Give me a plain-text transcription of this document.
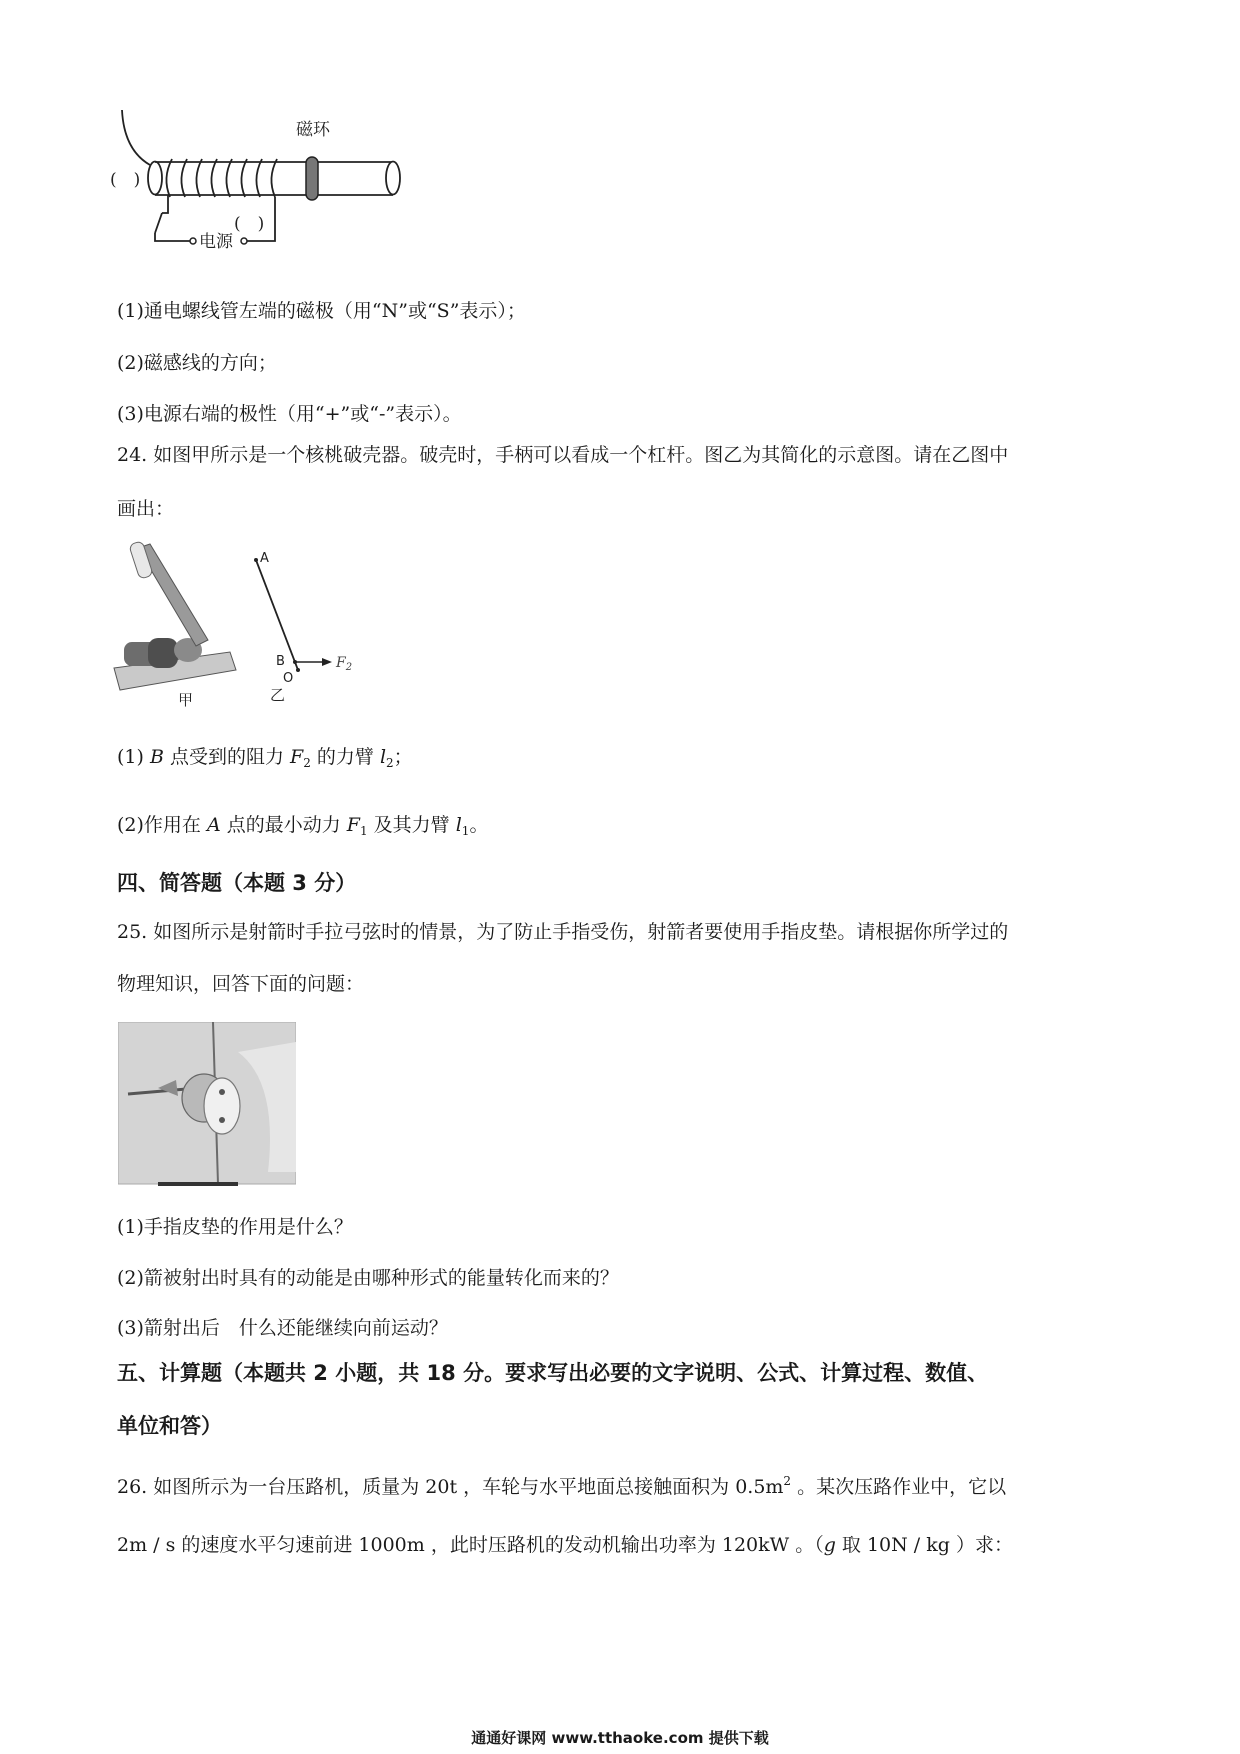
磁环
(　)
电源
(　)
(1)通电螺线管左端的磁极（用“N”或“S”表示）；
(2)磁感线的方向；
(3)电源右端的极性（用“+”或“-”表示）。
24. 如图甲所示是一个核桃破壳器。破壳时，手柄可以看成一个杠杆。图乙为其简化的示意图。请在乙图中
画出：
甲
A
B
O
$F_2$
乙
(1) B 点受到的阻力 $F_2$ 的力臂 $l_2$；
(2)作用在 A 点的最小动力 $F_1$ 及其力臂 $l_1$。
四、简答题（本题 3 分）
25. 如图所示是射箭时手拉弓弦时的情景，为了防止手指受伤，射箭者要使用手指皮垫。请根据你所学过的
物理知识，回答下面的问题：
(1)手指皮垫的作用是什么？
(2)箭被射出时具有的动能是由哪种形式的能量转化而来的？
(3)箭射出后　什么还能继续向前运动？
五、计算题（本题共 2 小题，共 18 分。要求写出必要的文字说明、公式、计算过程、数值、
单位和答）
26. 如图所示为一台压路机，质量为 20t ，车轮与水平地面总接触面积为 $0.5m^2$ 。某次压路作业中，它以
2m / s 的速度水平匀速前进 1000m ，此时压路机的发动机输出功率为 120kW 。（g 取 10N / kg ）求：
通通好课网 www.tthaoke.com 提供下载
